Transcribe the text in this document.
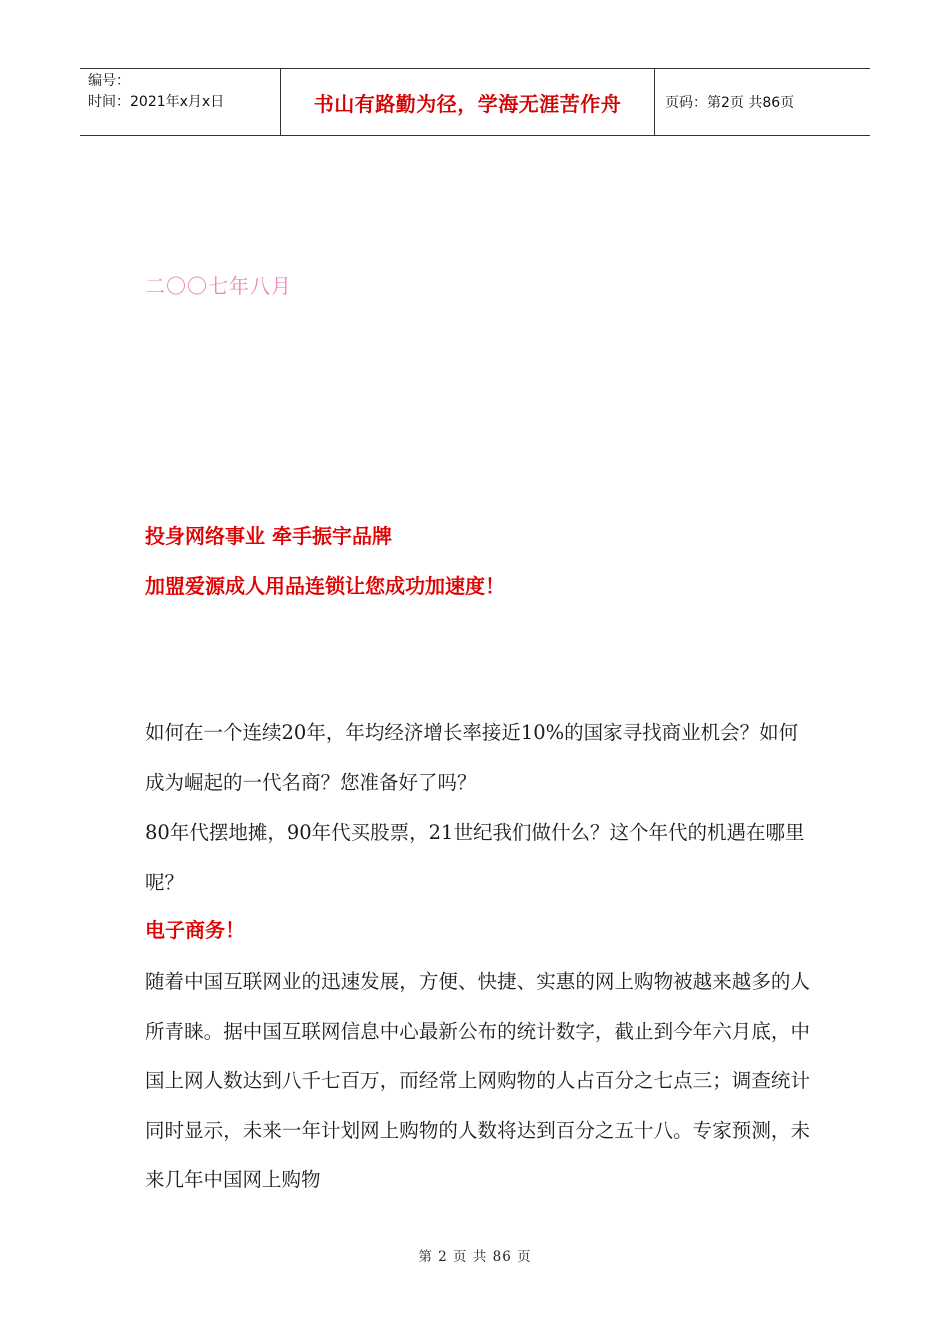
编号：
时间：2021年x月x日	书山有路勤为径，学海无涯苦作舟	页码：第2页 共86页
二〇〇七年八月
投身网络事业 牵手振宇品牌
加盟爱源成人用品连锁让您成功加速度！
如何在一个连续20年，年均经济增长率接近10%的国家寻找商业机会？如何成为崛起的一代名商？您准备好了吗？
80年代摆地摊，90年代买股票，21世纪我们做什么？这个年代的机遇在哪里呢？
电子商务！
随着中国互联网业的迅速发展，方便、快捷、实惠的网上购物被越来越多的人所青睐。据中国互联网信息中心最新公布的统计数字，截止到今年六月底，中国上网人数达到八千七百万，而经常上网购物的人占百分之七点三；调查统计同时显示，未来一年计划网上购物的人数将达到百分之五十八。专家预测，未来几年中国网上购物
第 2 页 共 86 页
